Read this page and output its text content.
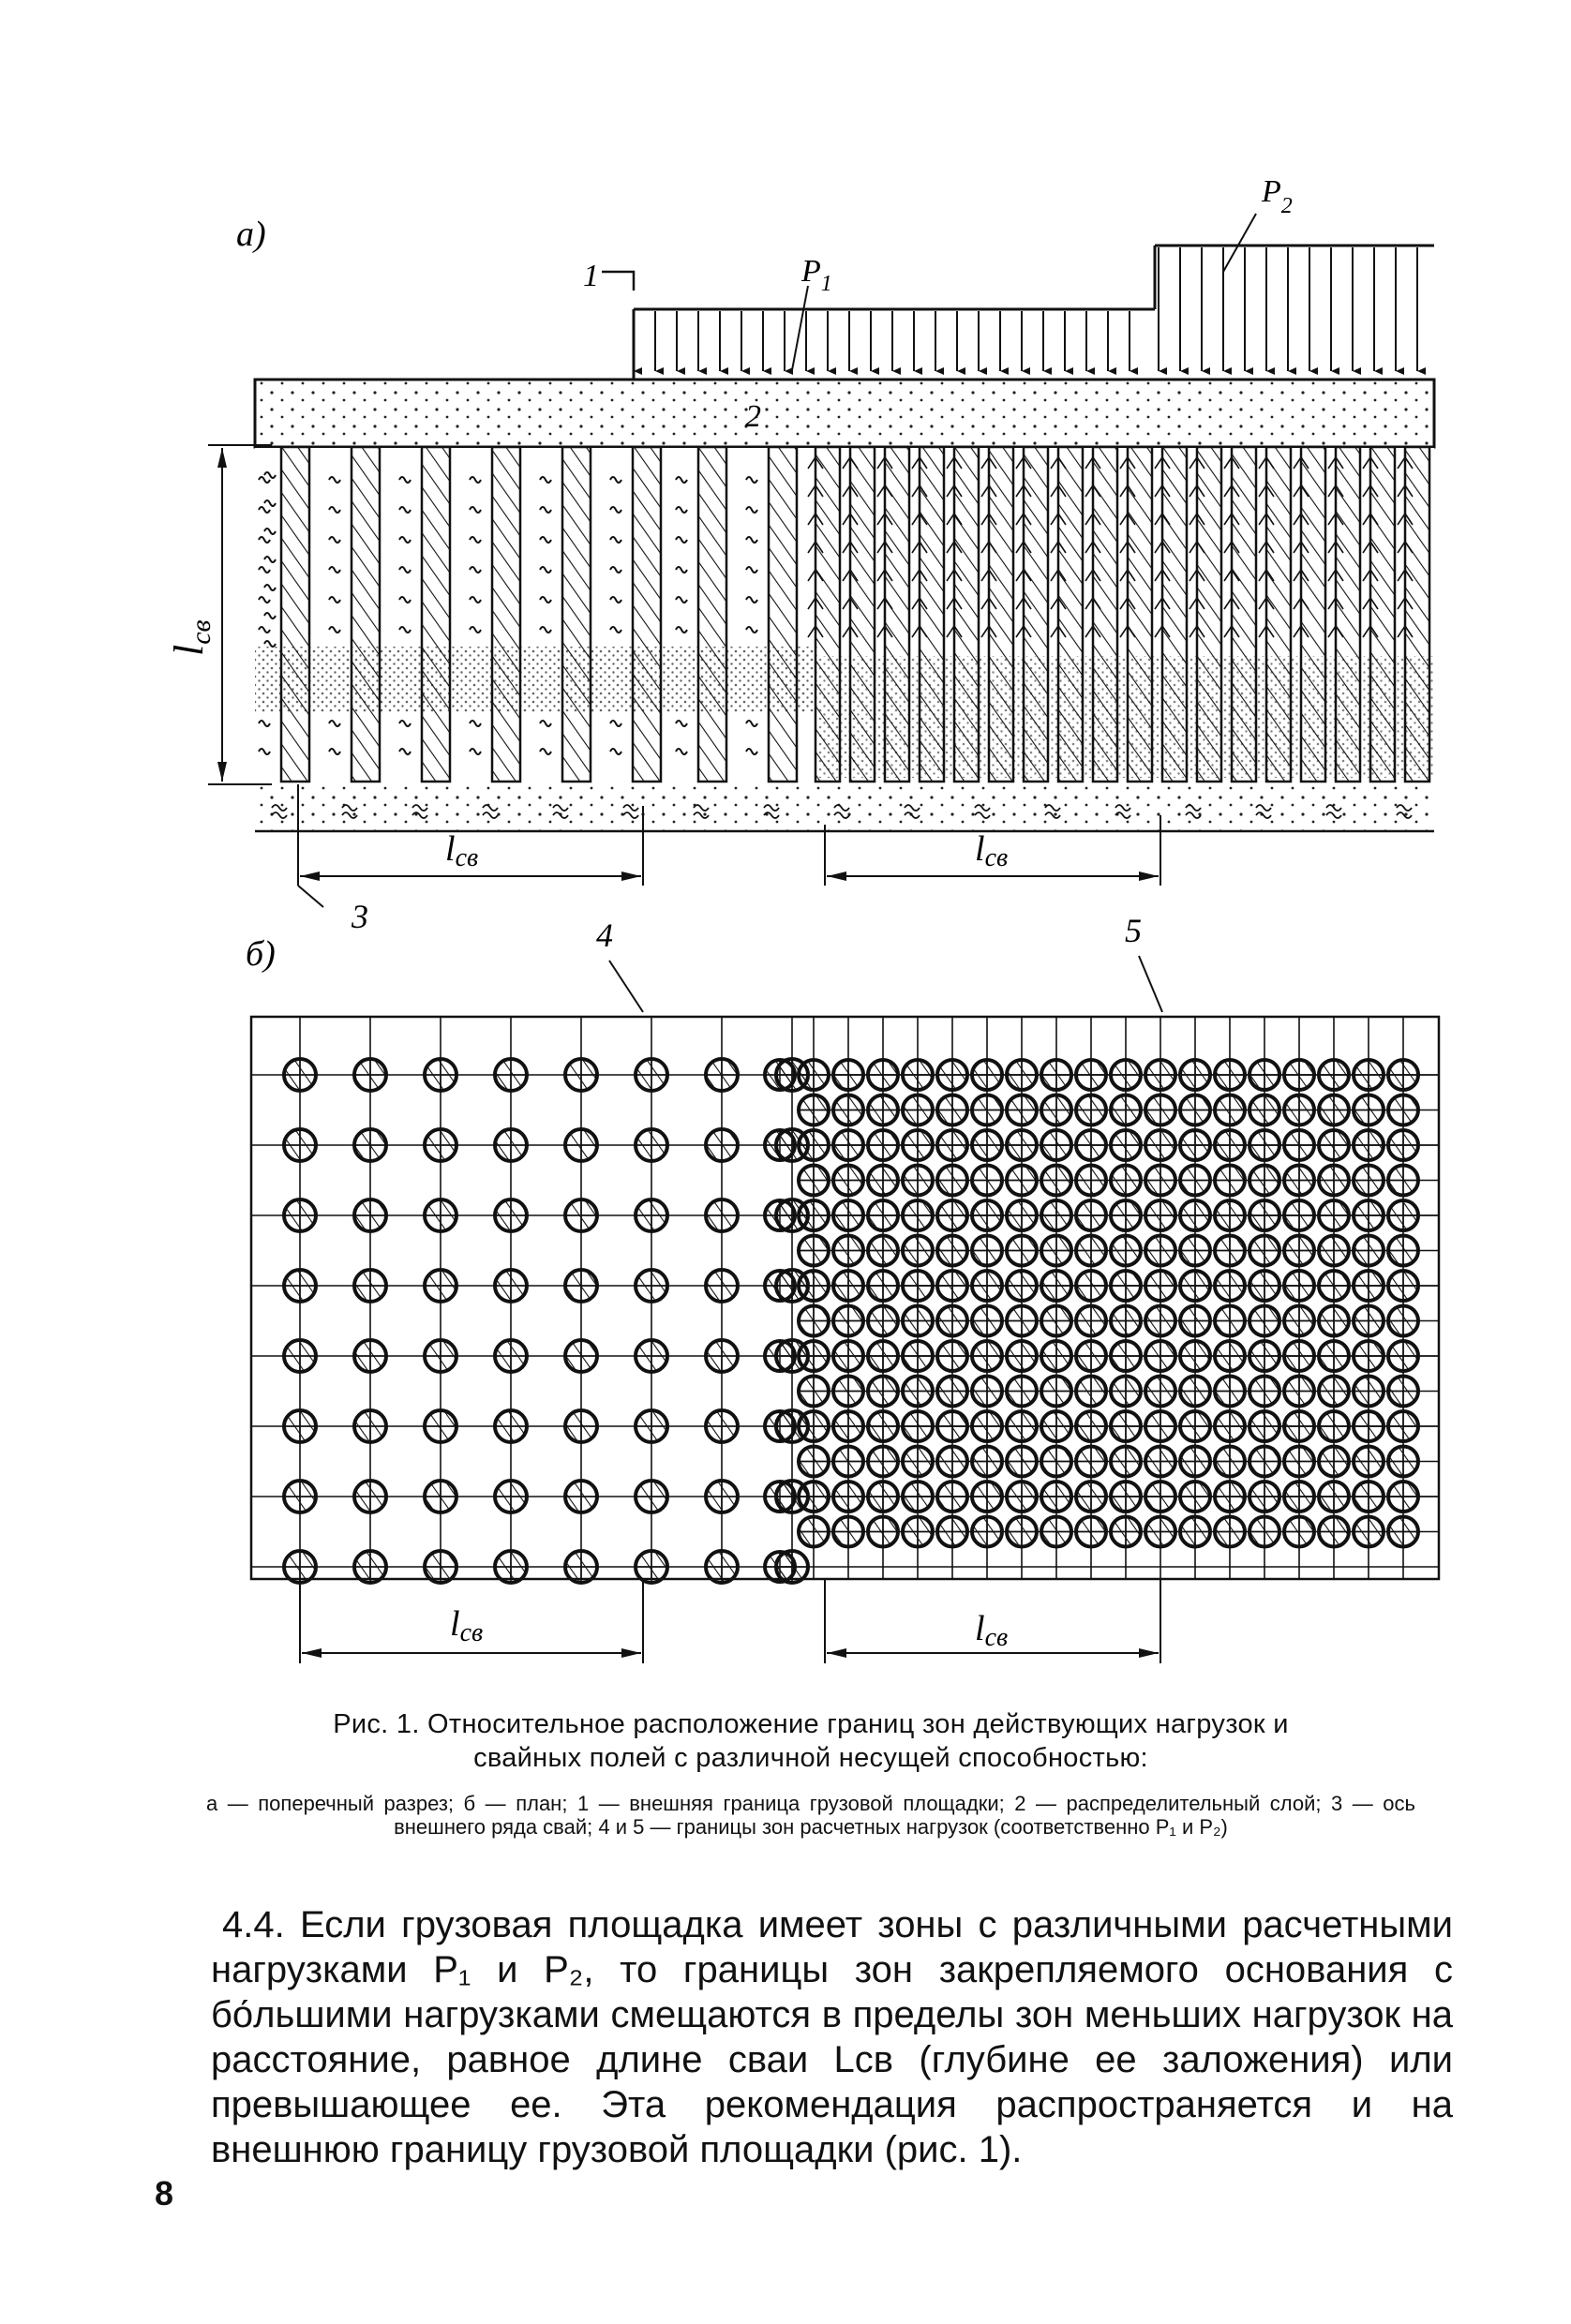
a)
$P_1$
$P_2$
1
2
lсв
lсв	lсв
3
б)	4	5
lсв	lсв
Рис. 1. Относительное расположение границ зон действующих нагрузок и
свайных полей с различной несущей способностью:
а — поперечный разрез; б — план; 1 — внешняя граница грузовой площадки; 2 — распределительный слой; 3 — ось внешнего ряда свай; 4 и 5 — границы зон расчетных нагрузок (соответственно P₁ и P₂)
4.4. Если грузовая площадка имеет зоны с различными расчетными нагрузками P₁ и P₂, то границы зон закрепляемого основания с бо́льшими нагрузками смещаются в пределы зон меньших нагрузок на расстояние, равное длине сваи Lсв (глубине ее заложения) или превышающее ее. Эта рекомендация распространяется и на внешнюю границу грузовой площадки (рис. 1).
8
